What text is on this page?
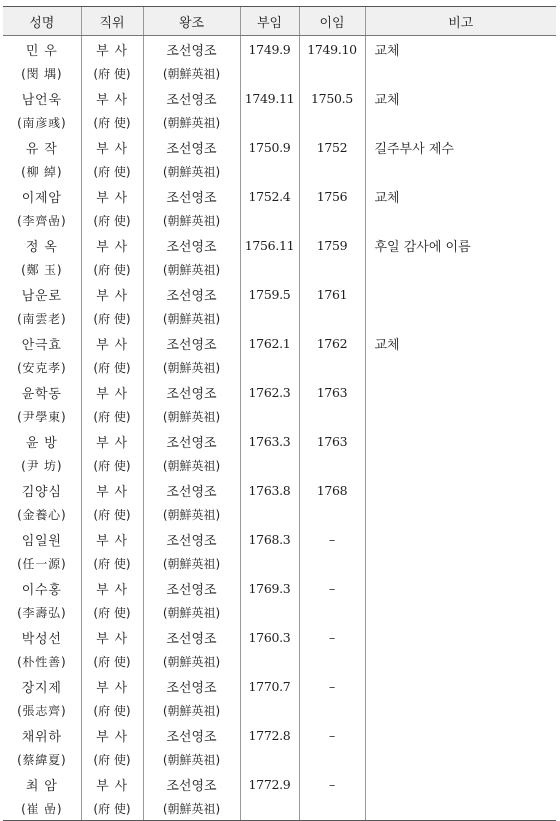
성명	직위	왕조	부임	이임	비고
민 우	부 사	조선영조	1749.9	1749.10	교체
(閔 堣)	(府 使)	(朝鮮英祖)			
남언욱	부 사	조선영조	1749.11	1750.5	교체
(南彦彧)	(府 使)	(朝鮮英祖)			
유 작	부 사	조선영조	1750.9	1752	길주부사 제수
(柳 綽)	(府 使)	(朝鮮英祖)			
이제암	부 사	조선영조	1752.4	1756	교체
(李齊嵒)	(府 使)	(朝鮮英祖)			
정 옥	부 사	조선영조	1756.11	1759	후일 감사에 이름
(鄭 玉)	(府 使)	(朝鮮英祖)			
남운로	부 사	조선영조	1759.5	1761	
(南雲老)	(府 使)	(朝鮮英祖)			
안극효	부 사	조선영조	1762.1	1762	교체
(安克孝)	(府 使)	(朝鮮英祖)			
윤학동	부 사	조선영조	1762.3	1763	
(尹學東)	(府 使)	(朝鮮英祖)			
윤 방	부 사	조선영조	1763.3	1763	
(尹 坊)	(府 使)	(朝鮮英祖)			
김양심	부 사	조선영조	1763.8	1768	
(金養心)	(府 使)	(朝鮮英祖)			
임일원	부 사	조선영조	1768.3	–	
(任一源)	(府 使)	(朝鮮英祖)			
이수홍	부 사	조선영조	1769.3	–	
(李壽弘)	(府 使)	(朝鮮英祖)			
박성선	부 사	조선영조	1760.3	–	
(朴性善)	(府 使)	(朝鮮英祖)			
장지제	부 사	조선영조	1770.7	–	
(張志齊)	(府 使)	(朝鮮英祖)			
채위하	부 사	조선영조	1772.8	–	
(蔡緯夏)	(府 使)	(朝鮮英祖)			
최 암	부 사	조선영조	1772.9	–	
(崔 嵒)	(府 使)	(朝鮮英祖)			
